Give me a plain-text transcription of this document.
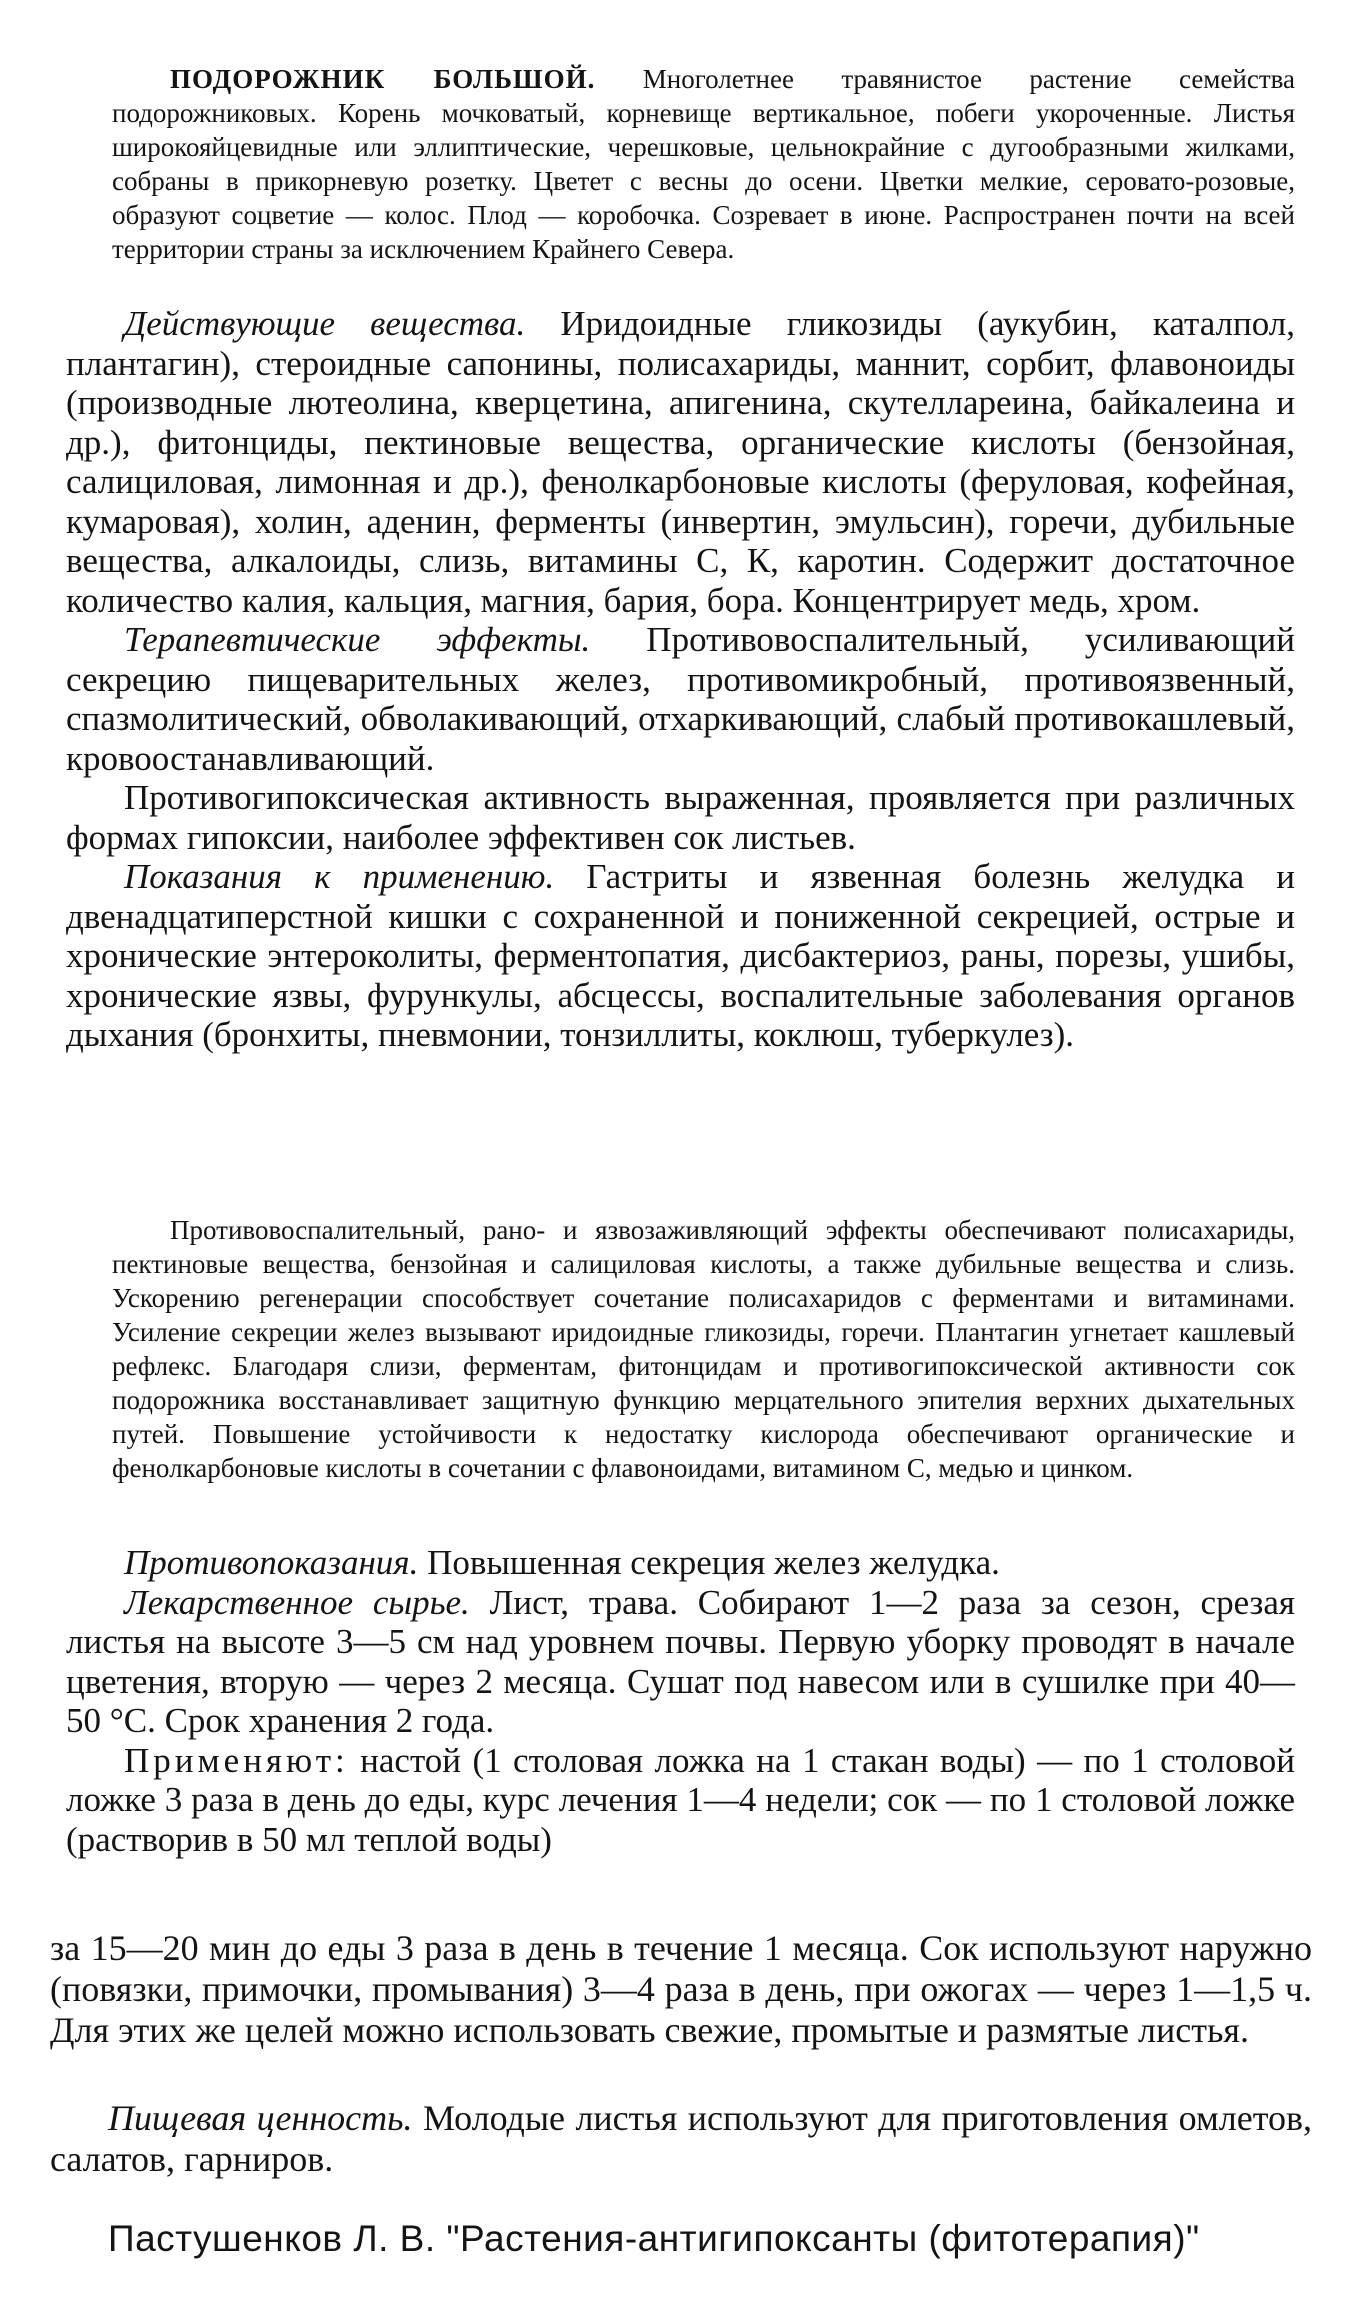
ПОДОРОЖНИК БОЛЬШОЙ. Многолетнее травянистое растение семейства подорожниковых. Корень мочковатый, корневище вертикальное, побеги укороченные. Листья широкояйцевидные или эллиптические, черешковые, цельнокрайние с дугообразными жилками, собраны в прикорневую розетку. Цветет с весны до осени. Цветки мелкие, серовато-розовые, образуют соцветие — колос. Плод — коробочка. Созревает в июне. Распространен почти на всей территории страны за исключением Крайнего Севера.

Действующие вещества. Иридоидные гликозиды (аукубин, каталпол, плантагин), стероидные сапонины, полисахариды, маннит, сорбит, флавоноиды (производные лютеолина, кверцетина, апигенина, скутеллареина, байкалеина и др.), фитонциды, пектиновые вещества, органические кислоты (бензойная, салициловая, лимонная и др.), фенолкарбоновые кислоты (феруловая, кофейная, кумаровая), холин, аденин, ферменты (инвертин, эмульсин), горечи, дубильные вещества, алкалоиды, слизь, витамины С, К, каротин. Содержит достаточное количество калия, кальция, магния, бария, бора. Концентрирует медь, хром.

Терапевтические эффекты. Противовоспалительный, усиливающий секрецию пищеварительных желез, противомикробный, противоязвенный, спазмолитический, обволакивающий, отхаркивающий, слабый противокашлевый, кровоостанавливающий.

Противогипоксическая активность выраженная, проявляется при различных формах гипоксии, наиболее эффективен сок листьев.

Показания к применению. Гастриты и язвенная болезнь желудка и двенадцатиперстной кишки с сохраненной и пониженной секрецией, острые и хронические энтероколиты, ферментопатия, дисбактериоз, раны, порезы, ушибы, хронические язвы, фурункулы, абсцессы, воспалительные заболевания органов дыхания (бронхиты, пневмонии, тонзиллиты, коклюш, туберкулез).

Противовоспалительный, рано- и язвозаживляющий эффекты обеспечивают полисахариды, пектиновые вещества, бензойная и салициловая кислоты, а также дубильные вещества и слизь. Ускорению регенерации способствует сочетание полисахаридов с ферментами и витаминами. Усиление секреции желез вызывают иридоидные гликозиды, горечи. Плантагин угнетает кашлевый рефлекс. Благодаря слизи, ферментам, фитонцидам и противогипоксической активности сок подорожника восстанавливает защитную функцию мерцательного эпителия верхних дыхательных путей. Повышение устойчивости к недостатку кислорода обеспечивают органические и фенолкарбоновые кислоты в сочетании с флавоноидами, витамином С, медью и цинком.

Противопоказания. Повышенная секреция желез желудка.

Лекарственное сырье. Лист, трава. Собирают 1—2 раза за сезон, срезая листья на высоте 3—5 см над уровнем почвы. Первую уборку проводят в начале цветения, вторую — через 2 месяца. Сушат под навесом или в сушилке при 40—50 °С. Срок хранения 2 года.

Применяют: настой (1 столовая ложка на 1 стакан воды) — по 1 столовой ложке 3 раза в день до еды, курс лечения 1—4 недели; сок — по 1 столовой ложке (растворив в 50 мл теплой воды)

за 15—20 мин до еды 3 раза в день в течение 1 месяца. Сок используют наружно (повязки, примочки, промывания) 3—4 раза в день, при ожогах — через 1—1,5 ч. Для этих же целей можно использовать свежие, промытые и размятые листья.

Пищевая ценность. Молодые листья используют для приготовления омлетов, салатов, гарниров.

Пастушенков Л. В. "Растения-антигипоксанты (фитотерапия)"
